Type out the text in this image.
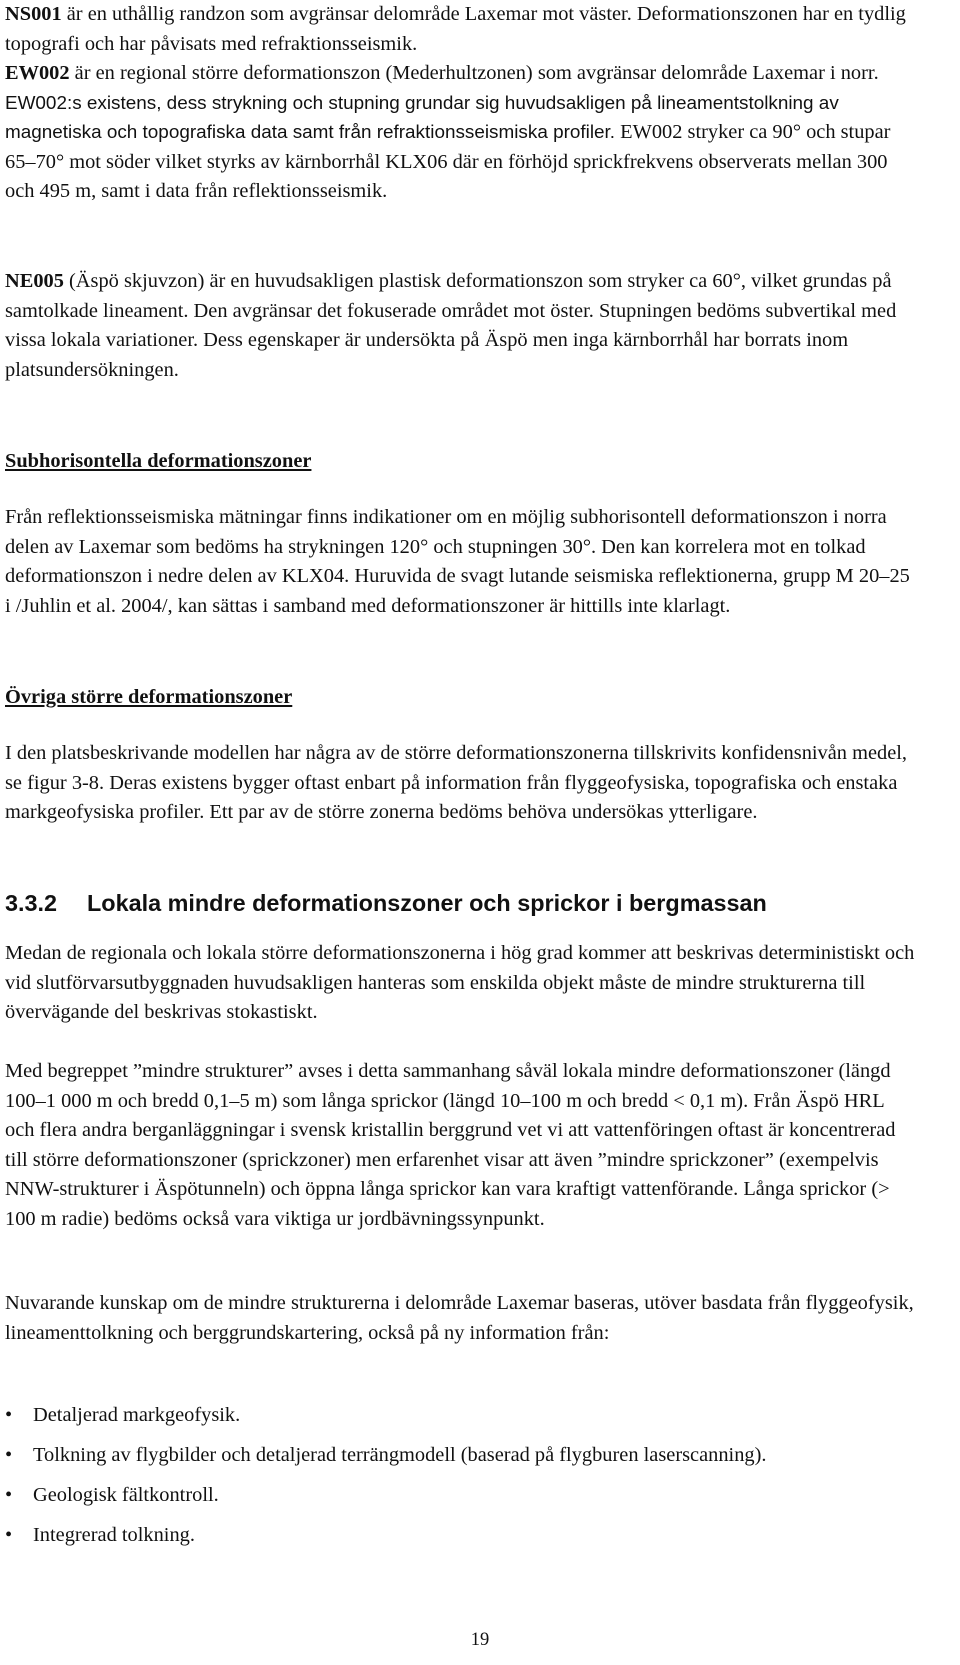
NS001 är en uthållig randzon som avgränsar delområde Laxemar mot väster. Deformationszonen har en tydlig topografi och har påvisats med refraktionsseismik.

EW002 är en regional större deformationszon (Mederhultzonen) som avgränsar delområde Laxemar i norr. EW002:s existens, dess strykning och stupning grundar sig huvudsakligen på lineamentstolkning av magnetiska och topografiska data samt från refraktionsseismiska profiler. EW002 stryker ca 90° och stupar 65–70° mot söder vilket styrks av kärnborrhål KLX06 där en förhöjd sprickfrekvens observerats mellan 300 och 495 m, samt i data från reflektionsseismik.

NE005 (Äspö skjuvzon) är en huvudsakligen plastisk deformationszon som stryker ca 60°, vilket grundas på samtolkade lineament. Den avgränsar det fokuserade området mot öster. Stupningen bedöms subvertikal med vissa lokala variationer. Dess egenskaper är undersökta på Äspö men inga kärnborrhål har borrats inom platsundersökningen.

Subhorisontella deformationszoner

Från reflektionsseismiska mätningar finns indikationer om en möjlig subhorisontell deformationszon i norra delen av Laxemar som bedöms ha strykningen 120° och stupningen 30°. Den kan korrelera mot en tolkad deformationszon i nedre delen av KLX04. Huruvida de svagt lutande seismiska reflektionerna, grupp M 20–25 i /Juhlin et al. 2004/, kan sättas i samband med deformationszoner är hittills inte klarlagt.

Övriga större deformationszoner

I den platsbeskrivande modellen har några av de större deformationszonerna tillskrivits konfidensnivån medel, se figur 3-8. Deras existens bygger oftast enbart på information från flyggeofysiska, topografiska och enstaka markgeofysiska profiler. Ett par av de större zonerna bedöms behöva undersökas ytterligare.

3.3.2 Lokala mindre deformationszoner och sprickor i bergmassan

Medan de regionala och lokala större deformationszonerna i hög grad kommer att beskrivas deterministiskt och vid slutförvarsutbyggnaden huvudsakligen hanteras som enskilda objekt måste de mindre strukturerna till övervägande del beskrivas stokastiskt.

Med begreppet ”mindre strukturer” avses i detta sammanhang såväl lokala mindre deformationszoner (längd 100–1 000 m och bredd 0,1–5 m) som långa sprickor (längd 10–100 m och bredd < 0,1 m). Från Äspö HRL och flera andra berganläggningar i svensk kristallin berggrund vet vi att vattenföringen oftast är koncentrerad till större deformationszoner (sprickzoner) men erfarenhet visar att även ”mindre sprickzoner” (exempelvis NNW-strukturer i Äspötunneln) och öppna långa sprickor kan vara kraftigt vattenförande. Långa sprickor (> 100 m radie) bedöms också vara viktiga ur jordbävningssynpunkt.

Nuvarande kunskap om de mindre strukturerna i delområde Laxemar baseras, utöver basdata från flyggeofysik, lineamenttolkning och berggrundskartering, också på ny information från:

•	Detaljerad markgeofysik.
•	Tolkning av flygbilder och detaljerad terrängmodell (baserad på flygburen laserscanning).
•	Geologisk fältkontroll.
•	Integrerad tolkning.
19
